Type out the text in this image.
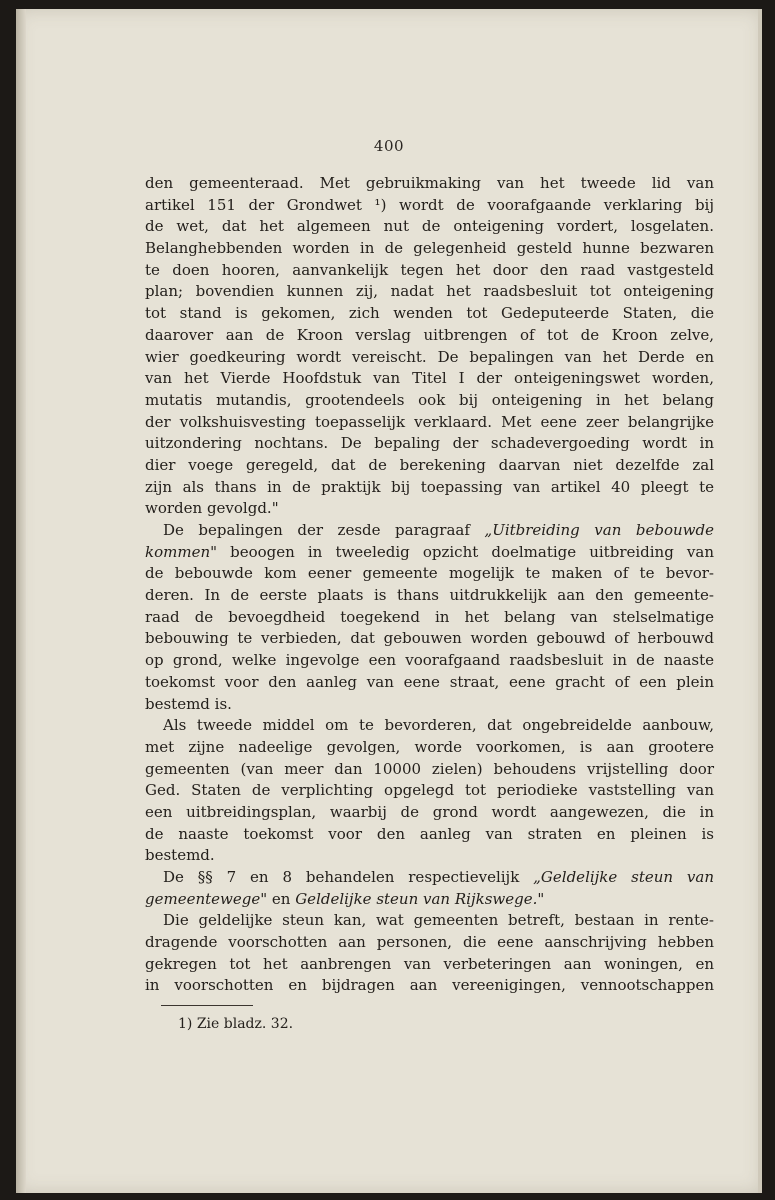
400
den gemeenteraad. Met gebruikmaking van het tweede lid van
artikel 151 der Grondwet ¹) wordt de voorafgaande verklaring bij
de wet, dat het algemeen nut de onteigening vordert, losgelaten.
Belanghebbenden worden in de gelegenheid gesteld hunne bezwaren
te doen hooren, aanvankelijk tegen het door den raad vastgesteld
plan; bovendien kunnen zij, nadat het raadsbesluit tot onteigening
tot stand is gekomen, zich wenden tot Gedeputeerde Staten, die
daarover aan de Kroon verslag uitbrengen of tot de Kroon zelve,
wier goedkeuring wordt vereischt. De bepalingen van het Derde en
van het Vierde Hoofdstuk van Titel I der onteigeningswet worden,
mutatis mutandis, grootendeels ook bij onteigening in het belang
der volkshuisvesting toepasselijk verklaard. Met eene zeer belangrijke
uitzondering nochtans. De bepaling der schadevergoeding wordt in
dier voege geregeld, dat de berekening daarvan niet dezelfde zal
zijn als thans in de praktijk bij toepassing van artikel 40 pleegt te
worden gevolgd."
De bepalingen der zesde paragraaf „Uitbreiding van bebouwde
kommen" beoogen in tweeledig opzicht doelmatige uitbreiding van
de bebouwde kom eener gemeente mogelijk te maken of te bevor-
deren. In de eerste plaats is thans uitdrukkelijk aan den gemeente-
raad de bevoegdheid toegekend in het belang van stelselmatige
bebouwing te verbieden, dat gebouwen worden gebouwd of herbouwd
op grond, welke ingevolge een voorafgaand raadsbesluit in de naaste
toekomst voor den aanleg van eene straat, eene gracht of een plein
bestemd is.
Als tweede middel om te bevorderen, dat ongebreidelde aanbouw,
met zijne nadeelige gevolgen, worde voorkomen, is aan grootere
gemeenten (van meer dan 10000 zielen) behoudens vrijstelling door
Ged. Staten de verplichting opgelegd tot periodieke vaststelling van
een uitbreidingsplan, waarbij de grond wordt aangewezen, die in
de naaste toekomst voor den aanleg van straten en pleinen is
bestemd.
De §§ 7 en 8 behandelen respectievelijk „Geldelijke steun van
gemeentewege" en Geldelijke steun van Rijkswege."
Die geldelijke steun kan, wat gemeenten betreft, bestaan in rente-
dragende voorschotten aan personen, die eene aanschrijving hebben
gekregen tot het aanbrengen van verbeteringen aan woningen, en
in voorschotten en bijdragen aan vereenigingen, vennootschappen
1) Zie bladz. 32.
